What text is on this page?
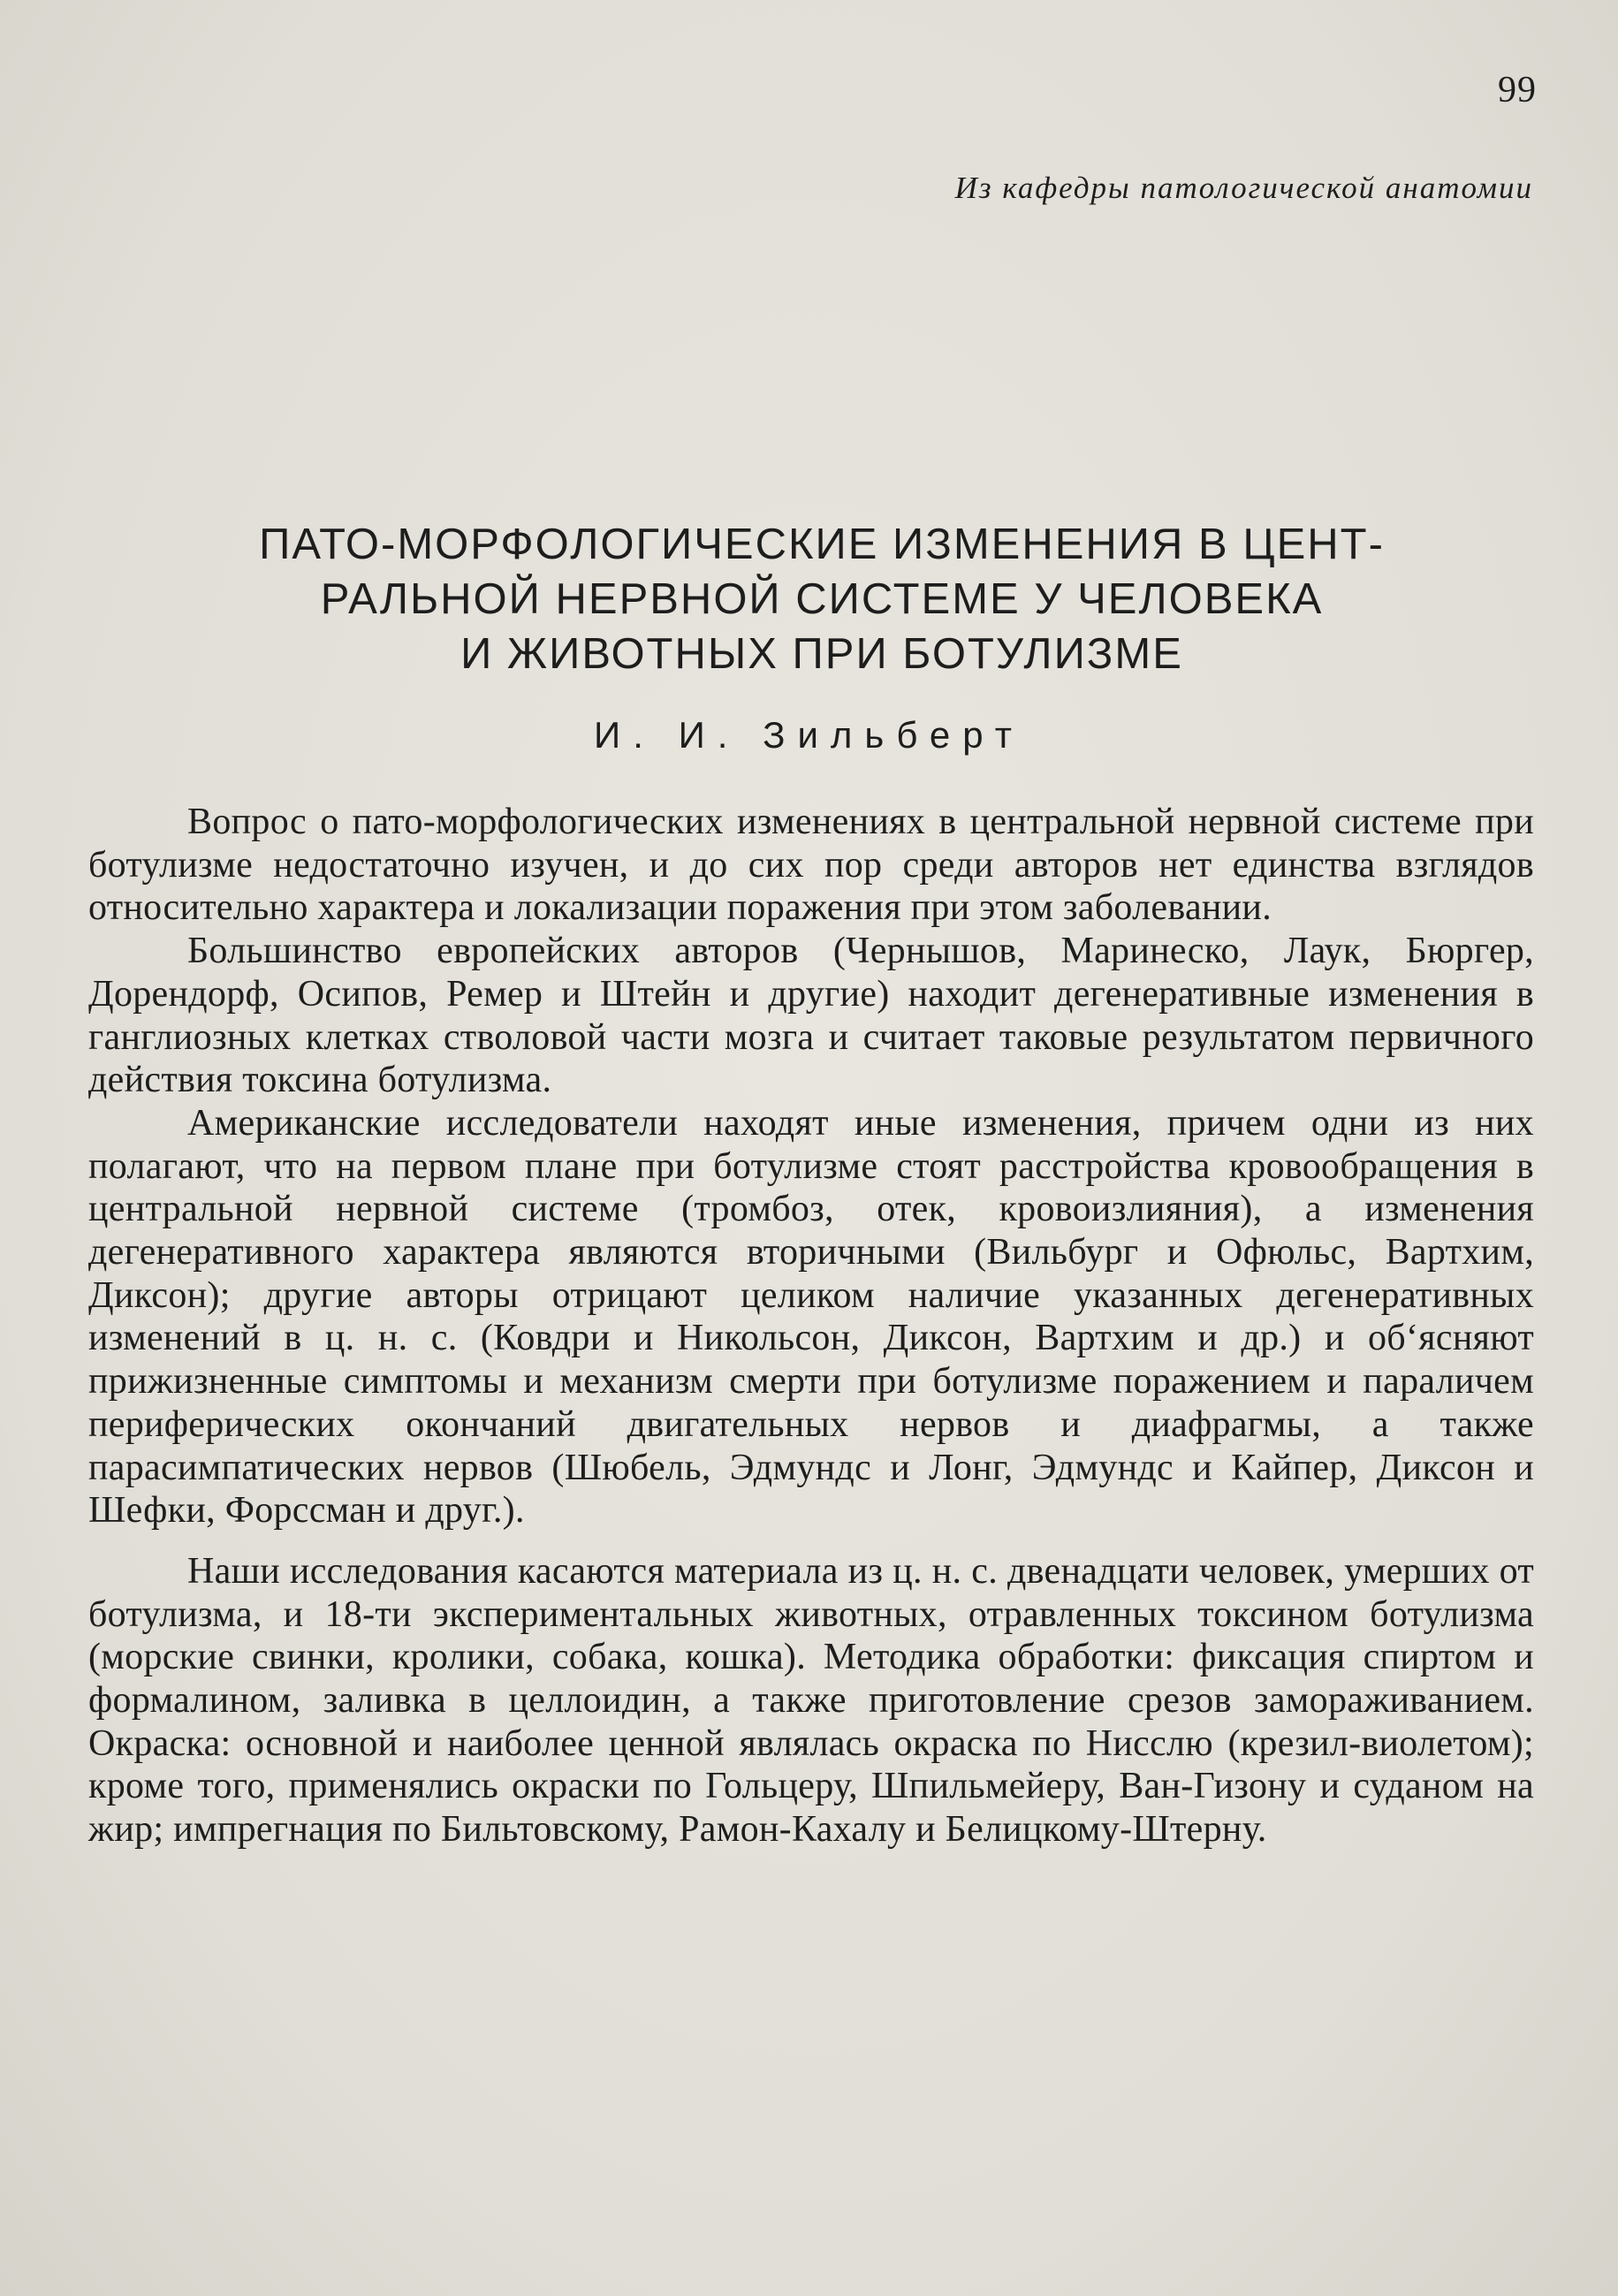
99
Из кафедры патологической анатомии
ПАТО-МОРФОЛОГИЧЕСКИЕ ИЗМЕНЕНИЯ В ЦЕНТ-
РАЛЬНОЙ НЕРВНОЙ СИСТЕМЕ У ЧЕЛОВЕКА
И ЖИВОТНЫХ ПРИ БОТУЛИЗМЕ
И. И. Зильберт

Вопрос о пато-морфологических изменениях в центральной нервной системе при ботулизме недостаточно изучен, и до сих пор среди авторов нет единства взглядов относительно характера и локализации поражения при этом заболевании.

Большинство европейских авторов (Чернышов, Маринеско, Лаук, Бюргер, Дорендорф, Осипов, Ремер и Штейн и другие) находит дегенеративные изменения в ганглиозных клетках стволовой части мозга и считает таковые результатом первичного действия токсина ботулизма.

Американские исследователи находят иные изменения, причем одни из них полагают, что на первом плане при ботулизме стоят расстройства кровообращения в центральной нервной системе (тромбоз, отек, кровоизлияния), а изменения дегенеративного характера являются вторичными (Вильбург и Офюльс, Вартхим, Диксон); другие авторы отрицают целиком наличие указанных дегенеративных изменений в ц. н. с. (Ковдри и Никольсон, Диксон, Вартхим и др.) и об‘ясняют прижизненные симптомы и механизм смерти при ботулизме поражением и параличем периферических окончаний двигательных нервов и диафрагмы, а также парасимпатических нервов (Шюбель, Эдмундс и Лонг, Эдмундс и Кайпер, Диксон и Шефки, Форссман и друг.).

Наши исследования касаются материала из ц. н. с. двенадцати человек, умерших от ботулизма, и 18-ти экспериментальных животных, отравленных токсином ботулизма (морские свинки, кролики, собака, кошка). Методика обработки: фиксация спиртом и формалином, заливка в целлоидин, а также приготовление срезов замораживанием. Окраска: основной и наиболее ценной являлась окраска по Нисслю (крезил-виолетом); кроме того, применялись окраски по Гольцеру, Шпильмейеру, Ван-Гизону и суданом на жир; импрегнация по Бильтовскому, Рамон-Кахалу и Белицкому-Штерну.
